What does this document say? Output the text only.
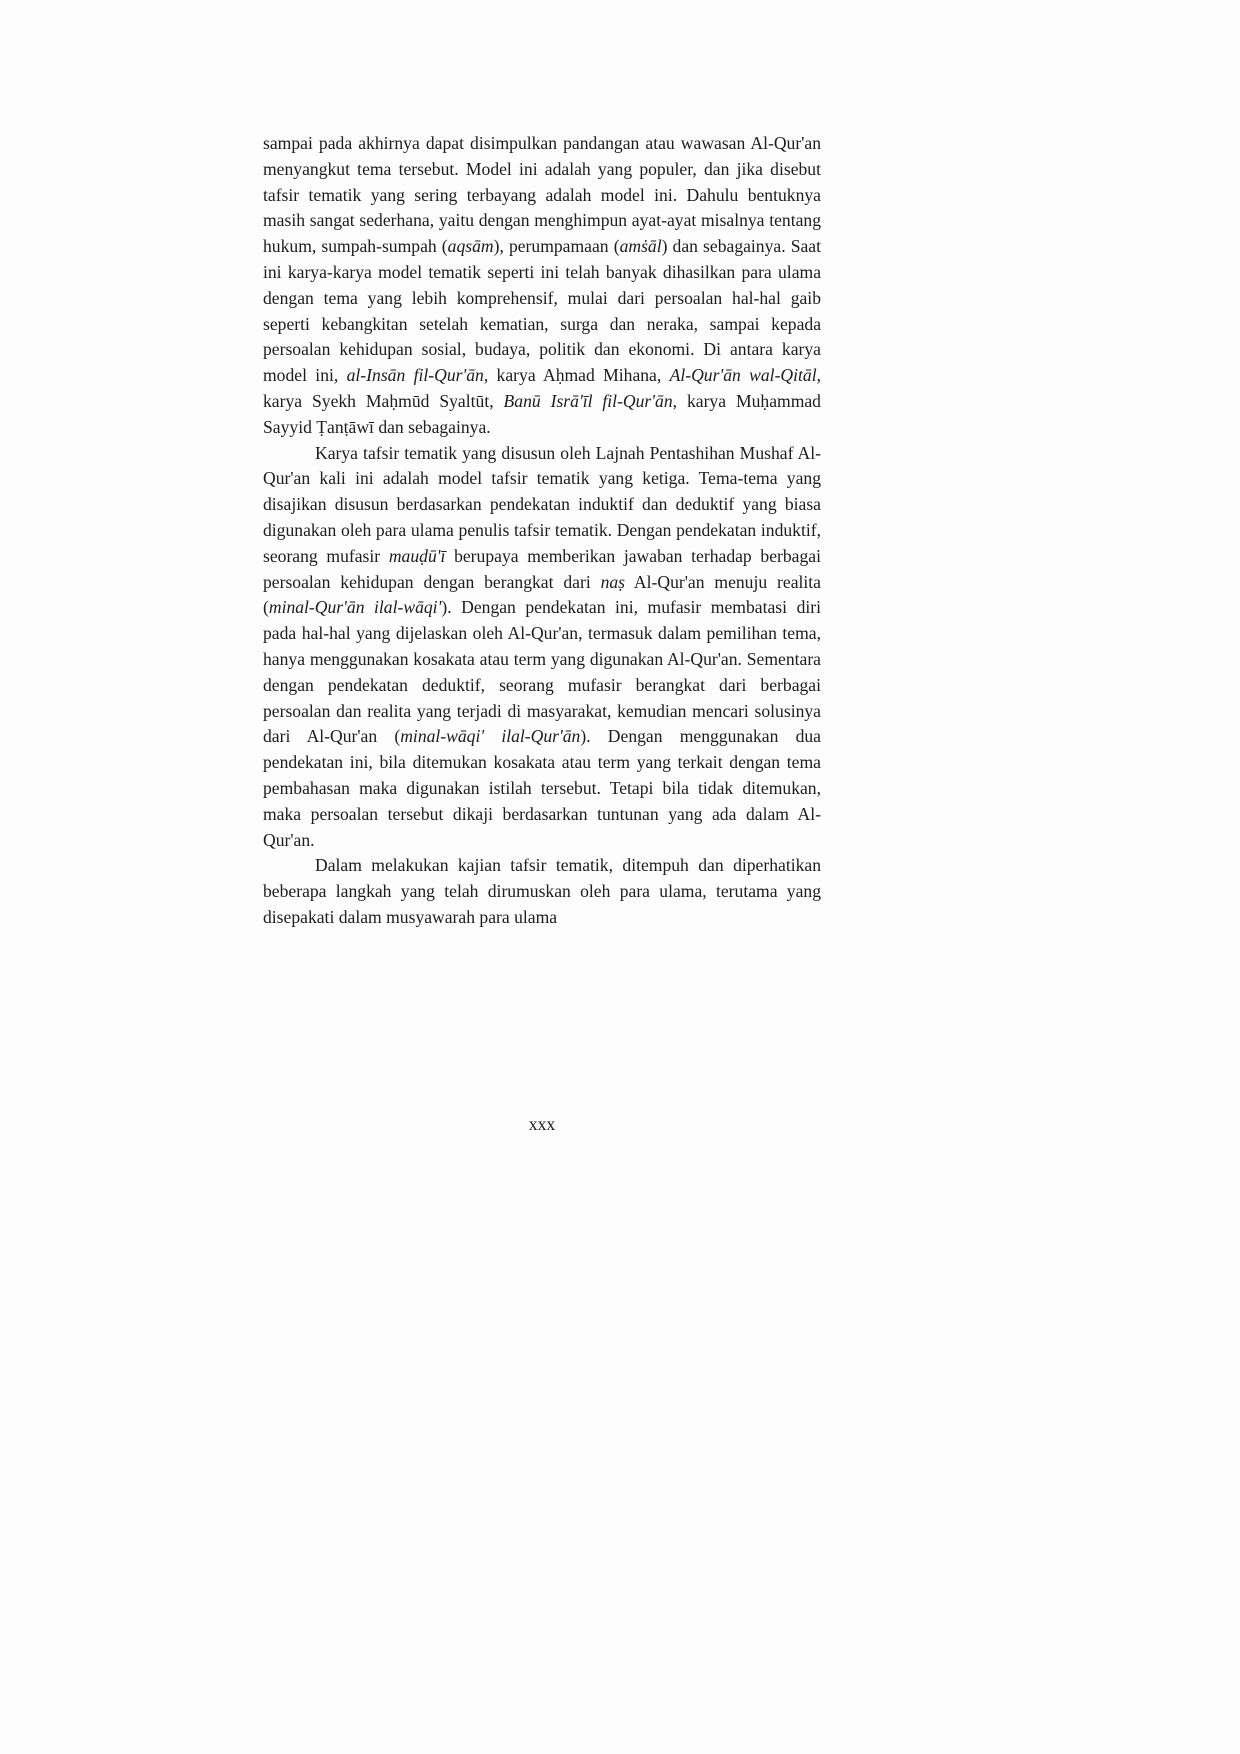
sampai pada akhirnya dapat disimpulkan pandangan atau wawasan Al-Qur'an menyangkut tema tersebut. Model ini adalah yang populer, dan jika disebut tafsir tematik yang sering terbayang adalah model ini. Dahulu bentuknya masih sangat sederhana, yaitu dengan menghimpun ayat-ayat misalnya tentang hukum, sumpah-sumpah (aqsām), perumpamaan (amṡāl) dan sebagainya. Saat ini karya-karya model tematik seperti ini telah banyak dihasilkan para ulama dengan tema yang lebih komprehensif, mulai dari persoalan hal-hal gaib seperti kebangkitan setelah kematian, surga dan neraka, sampai kepada persoalan kehidupan sosial, budaya, politik dan ekonomi. Di antara karya model ini, al-Insān fil-Qur'ān, karya Aḥmad Mihana, Al-Qur'ān wal-Qitāl, karya Syekh Maḥmūd Syaltūt, Banū Isrā'īl fil-Qur'ān, karya Muḥammad Sayyid Ṭanṭāwī dan sebagainya.

Karya tafsir tematik yang disusun oleh Lajnah Pentashihan Mushaf Al-Qur'an kali ini adalah model tafsir tematik yang ketiga. Tema-tema yang disajikan disusun berdasarkan pendekatan induktif dan deduktif yang biasa digunakan oleh para ulama penulis tafsir tematik. Dengan pendekatan induktif, seorang mufasir mauḍū'ī berupaya memberikan jawaban terhadap berbagai persoalan kehidupan dengan berangkat dari naṣ Al-Qur'an menuju realita (minal-Qur'ān ilal-wāqi'). Dengan pendekatan ini, mufasir membatasi diri pada hal-hal yang dijelaskan oleh Al-Qur'an, termasuk dalam pemilihan tema, hanya menggunakan kosakata atau term yang digunakan Al-Qur'an. Sementara dengan pendekatan deduktif, seorang mufasir berangkat dari berbagai persoalan dan realita yang terjadi di masyarakat, kemudian mencari solusinya dari Al-Qur'an (minal-wāqi' ilal-Qur'ān). Dengan menggunakan dua pendekatan ini, bila ditemukan kosakata atau term yang terkait dengan tema pembahasan maka digunakan istilah tersebut. Tetapi bila tidak ditemukan, maka persoalan tersebut dikaji berdasarkan tuntunan yang ada dalam Al-Qur'an.

Dalam melakukan kajian tafsir tematik, ditempuh dan diperhatikan beberapa langkah yang telah dirumuskan oleh para ulama, terutama yang disepakati dalam musyawarah para ulama

xxx
